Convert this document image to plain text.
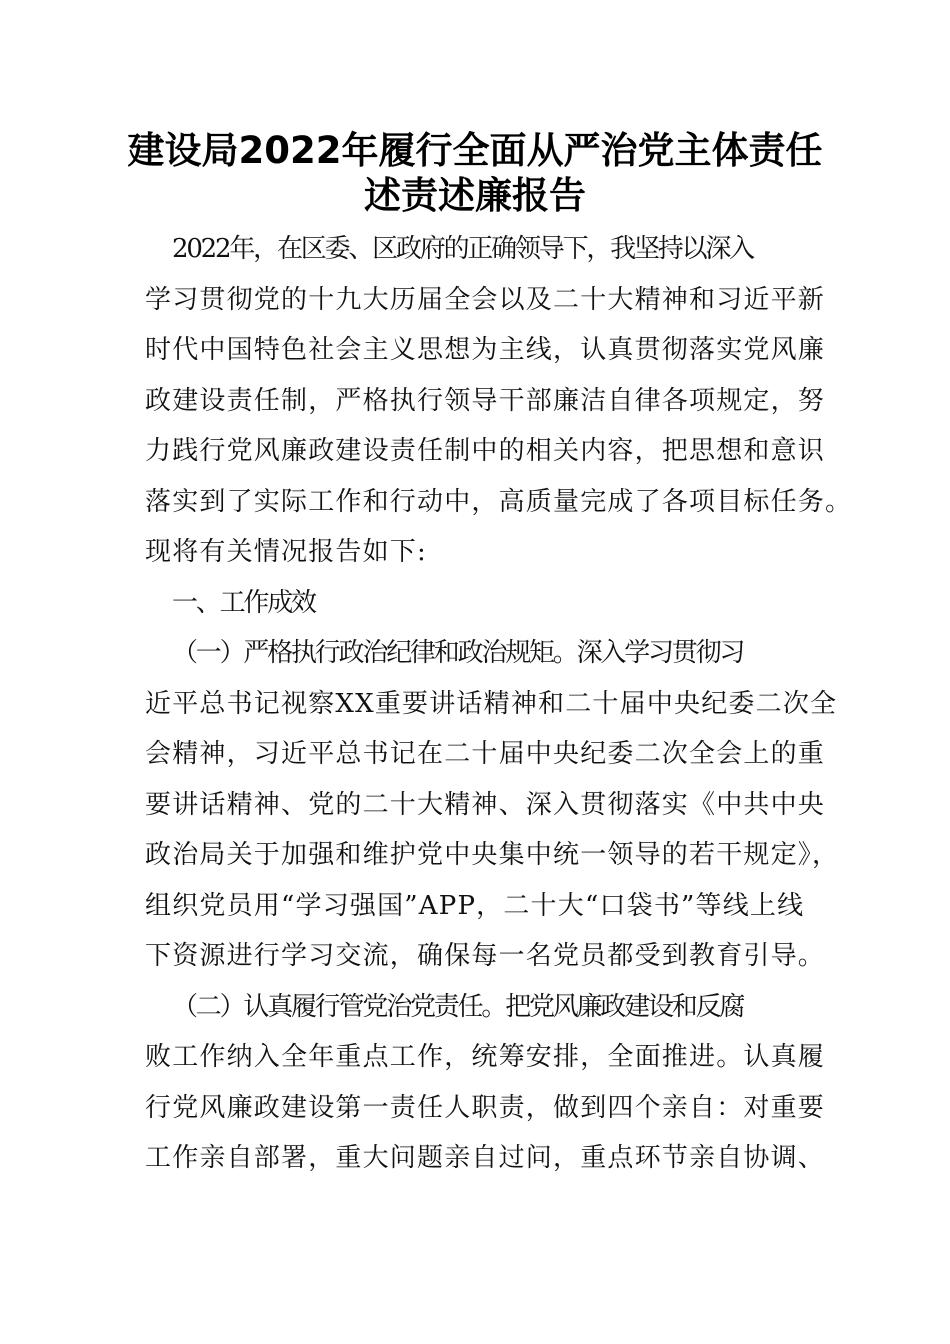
建设局2022年履行全面从严治党主体责任
述责述廉报告
2022年，在区委、区政府的正确领导下，我坚持以深入
学习贯彻党的十九大历届全会以及二十大精神和习近平新
时代中国特色社会主义思想为主线，认真贯彻落实党风廉
政建设责任制，严格执行领导干部廉洁自律各项规定，努
力践行党风廉政建设责任制中的相关内容，把思想和意识
落实到了实际工作和行动中，高质量完成了各项目标任务。
现将有关情况报告如下:
一、工作成效
（一）严格执行政治纪律和政治规矩。深入学习贯彻习
近平总书记视察XX重要讲话精神和二十届中央纪委二次全
会精神，习近平总书记在二十届中央纪委二次全会上的重
要讲话精神、党的二十大精神、深入贯彻落实《中共中央
政治局关于加强和维护党中央集中统一领导的若干规定》，
组织党员用“学习强国”APP，二十大“口袋书”等线上线
下资源进行学习交流，确保每一名党员都受到教育引导。
（二）认真履行管党治党责任。把党风廉政建设和反腐
败工作纳入全年重点工作，统筹安排，全面推进。认真履
行党风廉政建设第一责任人职责，做到四个亲自：对重要
工作亲自部署，重大问题亲自过问，重点环节亲自协调、
